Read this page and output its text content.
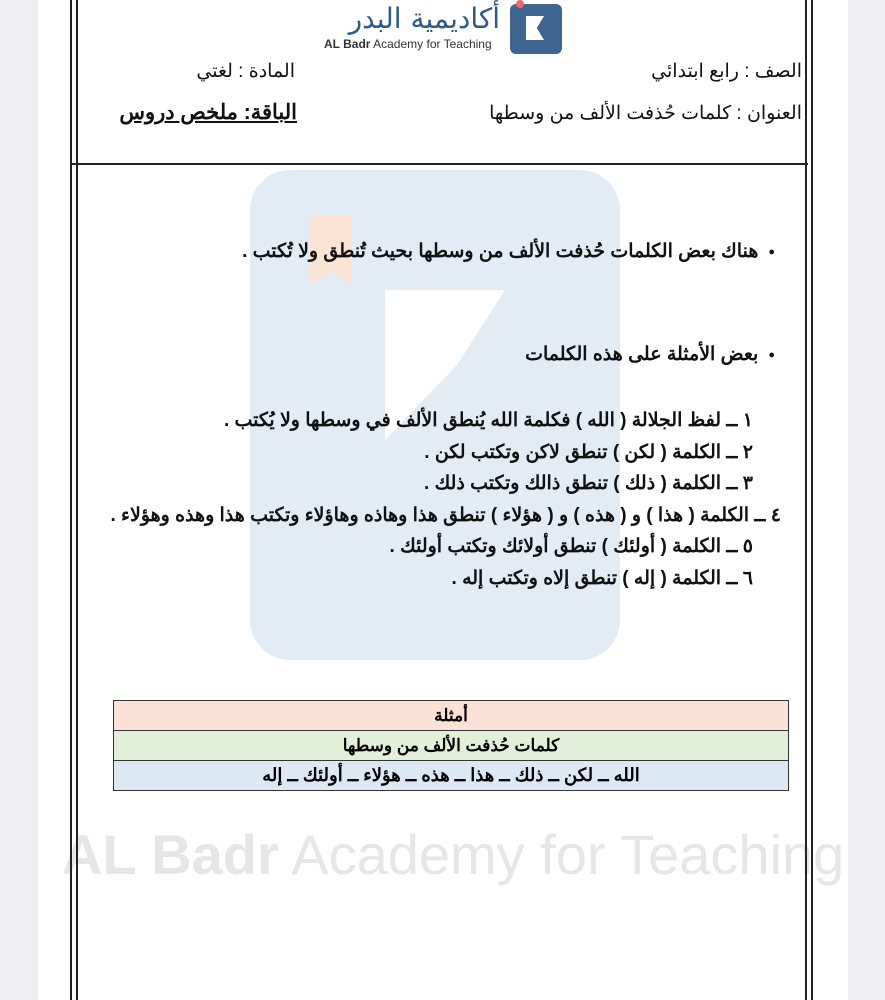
AL Badr Academy for Teaching
أكاديمية البدر
AL Badr Academy for Teaching
الصف : رابع ابتدائي
المادة : لغتي
العنوان : كلمات حُذفت الألف من وسطها
الباقة: ملخص دروس
● هناك بعض الكلمات حُذفت الألف من وسطها بحيث تُنطق ولا تُكتب .
● بعض الأمثلة على هذه الكلمات
١ ــ لفظ الجلالة ( الله ) فكلمة الله يُنطق الألف في وسطها ولا يُكتب .
٢ ــ الكلمة ( لكن ) تنطق لاكن وتكتب لكن .
٣ ــ الكلمة ( ذلك ) تنطق ذالك وتكتب ذلك .
٤ ــ الكلمة ( هذا ) و ( هذه ) و ( هؤلاء ) تنطق هذا وهاذه وهاؤلاء وتكتب هذا وهذه وهؤلاء .
٥ ــ الكلمة ( أولئك ) تنطق أولائك وتكتب أولئك .
٦ ــ الكلمة ( إله ) تنطق إلاه وتكتب إله .
أمثلة
كلمات حُذفت الألف من وسطها
الله ــ لكن ــ ذلك ــ هذا ــ هذه ــ هؤلاء ــ أولئك ــ إله
